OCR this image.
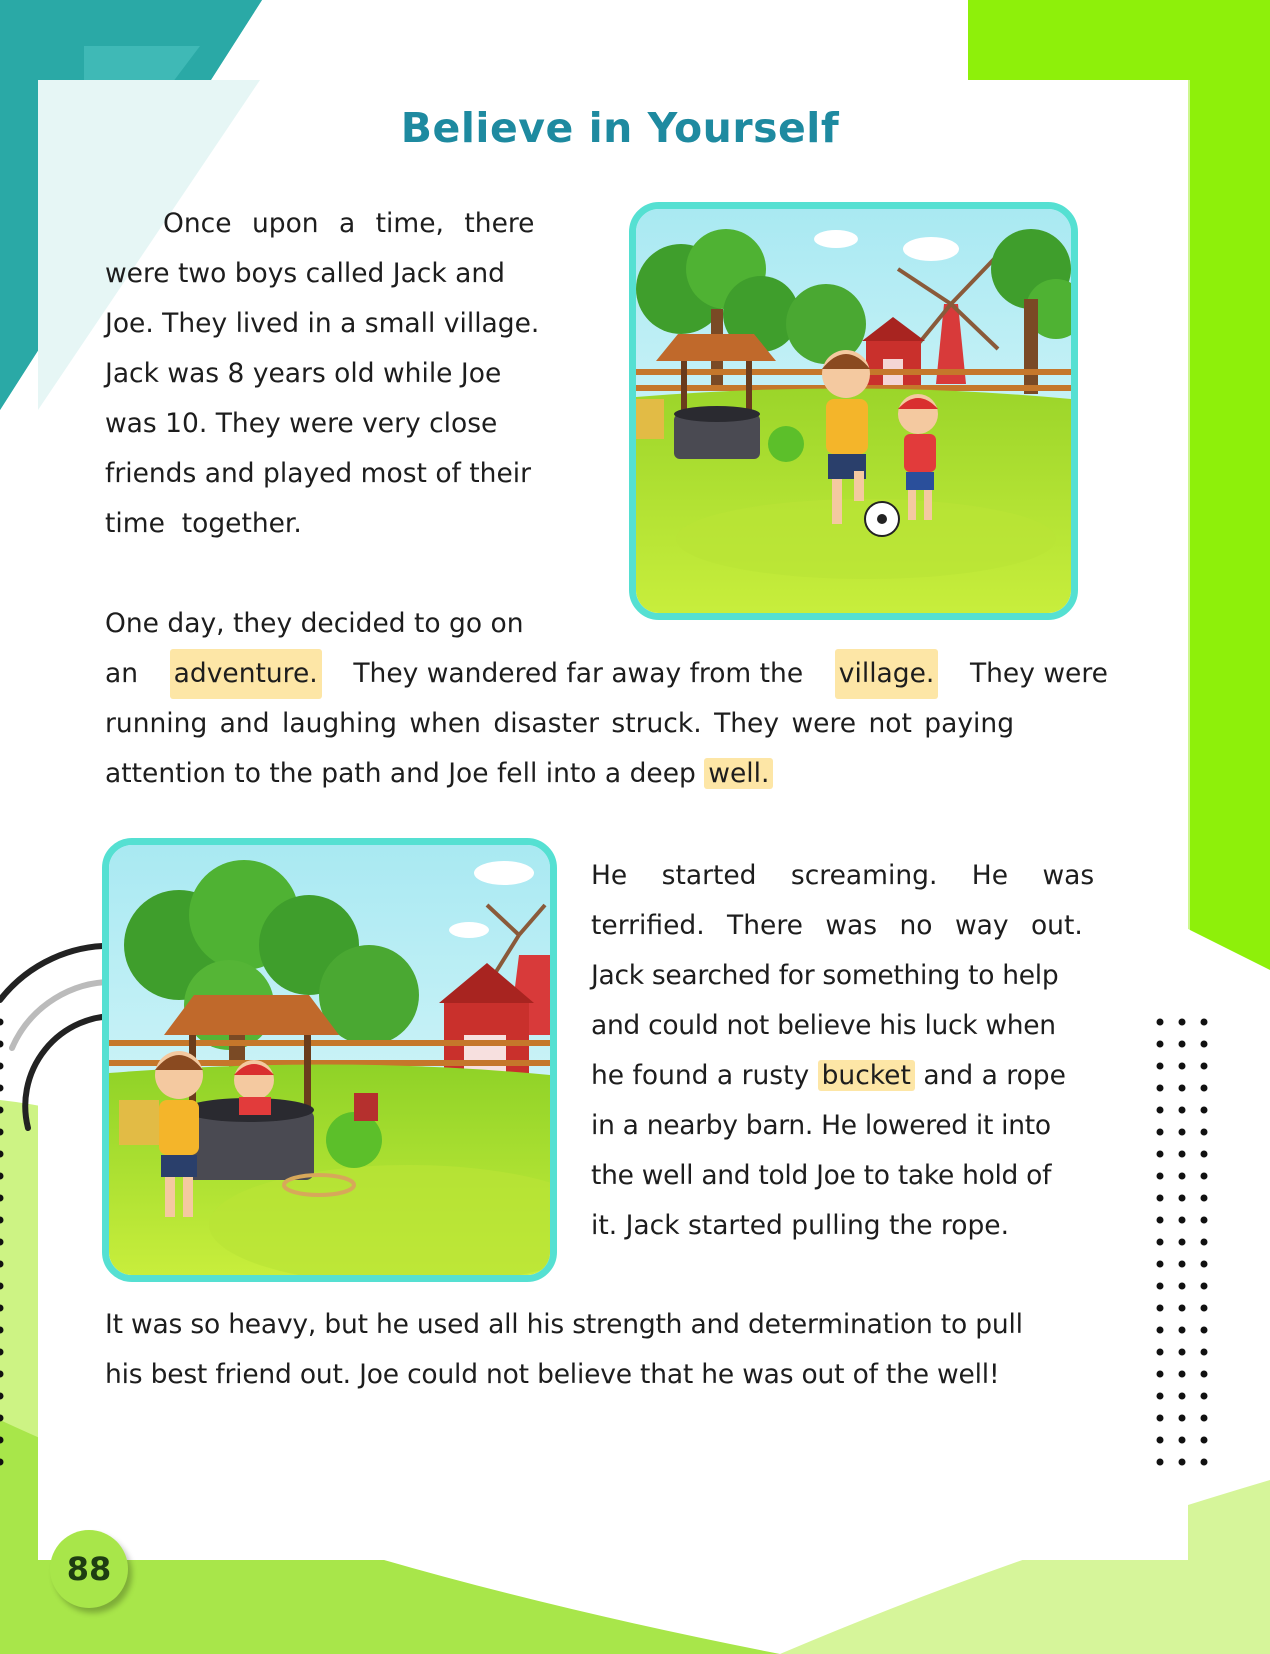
Believe in Yourself
Once upon a time, there
were two boys called Jack and
Joe. They lived in a small village.
Jack was 8 years old while Joe
was 10. They were very close
friends and played most of their
time  together.
One day, they decided to go on
an adventure. They wandered far away from the village. They were
running and laughing when disaster struck. They were not paying
attention to the path and Joe fell into a deep well.
He started screaming. He was
terrified. There was no way out.
Jack searched for something to help
and could not believe his luck when
he found a rusty bucket and a rope
in a nearby barn. He lowered it into
the well and told Joe to take hold of
it. Jack started pulling the rope.
It was so heavy, but he used all his strength and determination to pull
his best friend out. Joe could not believe that he was out of the well!
88
